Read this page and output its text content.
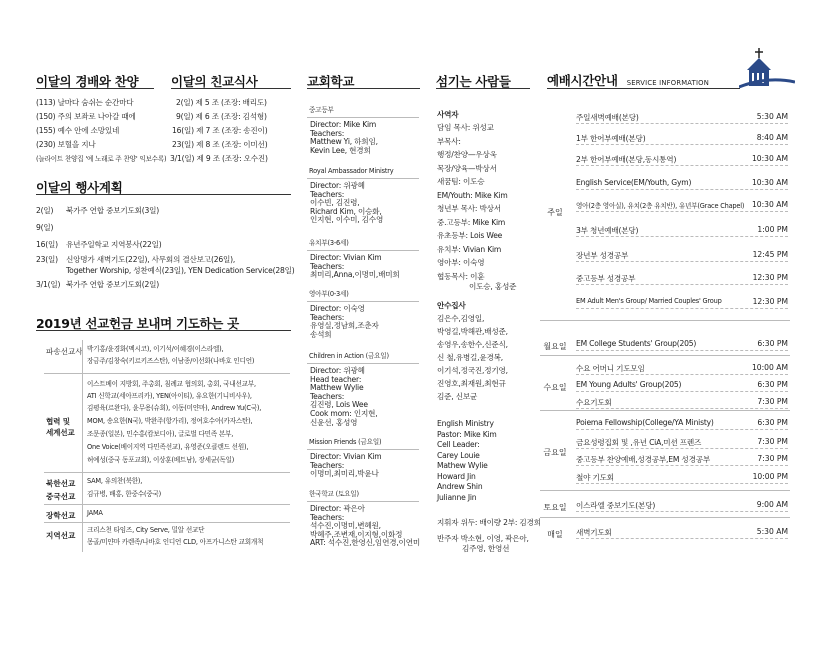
이달의 경배와 찬양
(113) 날마다 숨쉬는 순간마다
(150) 주의 보좌로 나아갈 때에
(155) 예수 안에 소망있네
(230) 보혈을 지나
(늘라이트 찬양집 '예 노래로 주 찬양' 익보수록)
이달의 친교식사
2(일) 제 5 조 (조장: 배리도)
9(일) 제 6 조 (조장: 김석형)
16(일) 제 7 조 (조장: 송진이)
23(일) 제 8 조 (조장: 이미선)
3/1(일) 제 9 조 (조장: 오수진)
이달의 행사계획
2(일) 북가주 연합 중보기도회(3일)
9(일)
16(일) 유년주일학교 지역봉사(22일)
23(일) 신앙명가 새벽기도(22일), 사무회의 결산보고(26일),
Together Worship, 성찬예식(23일), YEN Dedication Service(28일)
3/1(일) 북가주 연합 중보기도회(2일)
2019년 선교헌금 보내며 기도하는 곳
파송선교사 박기홍/윤경화(멕시코), 이기석/이혜경(이스라엘),
장금주/김창숙(키르키즈스탄), 이남종/이선화(나바호 인디언)
협력 및
세계선교
이스트베이 지방회, 주총회, 침례교 협의회, 총회, 국내선교부,
ATI 신학교(세아프리카), YEN(아이티), 유요한(기니비사우),
김평육(르완다), 윤무용(슈회), 이동(미얀마), Andrew Yu(C국),
MOM, 송요한(N국), 박완주(항가리), 정여호수아(카자스탄),
조문종(일본), 민수홍(캄보디아), 글로벌 다민족 본부,
One Voice(베이지역 다민족선교), 유영준(오클랜드 선원),
허예성(중국 동포교회), 이상훈(베트남), 장세균(독일)
북한선교 SAM, 유의찬(북한),
중국선교 김규병, 배홍, 한중수(중국)
장학선교 JAMA
지역선교
크리스천 타임즈, City Serve, 밀알 선교단
몽골/미얀마 카렌족/나바호 인디언 CLD, 아프가니스탄 교회개척
교회학교	섬기는 사람들
사역자
안수집사
지휘자 위두: 배이량 2부: 김경희
반주자 박소현, 이영, 곽은아,
김주영, 한영선
예배시간안내 SERVICE INFORMATION
중고등부
Director: Mike Kim
Teachers:
Matthew Yi, 하희임,
Kevin Lee, 현경희
Royal Ambassador Ministry
Director: 위광혜
Teachers:
이수빈, 김진령,
Richard Kim, 이승화,
인지현, 이수미, 김수영
유치부(3-6세)
Director: Vivian Kim
Teachers:
최미리,Anna,이명미,배미희
영아부(0-3세)
Director: 이숙영
Teachers:
유영실,정남희,조춘자
송석희
Children in Action (금요일)
Director: 위광혜
Head teacher:
Matthew Wylie
Teachers:
김진령, Lois Wee
Cook mom: 인지현,
신윤선, 홍성영
Mission Friends (금요일)
Director: Vivian Kim
Teachers:
이명미,최미리,박윤나
한국학교 (토요일)
Director: 곽은아
Teachers:
석수진,이명미,변혜원,
박혜주,조변재,이지형,이화정
ART: 석수진,한영신,임연경,이연미
담임 목사: 위성교
부목사:
행정/찬양—우상욱
목장/양육—박상서
새꿈팀: 이도승
EM/Youth: Mike Kim
청년부 목사: 박상서
중.고등부: Mike Kim
유초등부: Lois Wee
유치부: Vivian Kim
영아부: 이숙영
협동목사: 이훈
이도승, 홍성준
김은수,김영일,
박영길,박해관,배성준,
송영우,송한수,신준식,
신 철,유병길,윤경복,
이기석,정국진,정기영,
진영호,최재원,최현규
김준, 신보균
English Ministry
Pastor: Mike Kim
Cell Leader:
Carey Louie
Mathew Wylie
Howard Jin
Andrew Shin
Julianne Jin
주일
주일새벽예배(본당)	5:30 AM
1부 한어부예배(본당)	8:40 AM
2부 한어부예배(본당,동시통역)	10:30 AM
English Service(EM/Youth, Gym)	10:30 AM
영아(2층 영아실), 유치(2층 유치반), 유년부(Grace Chapel) 10:30 AM
3부 청년예배(본당)	1:00 PM
장년부 성경공부	12:45 PM
중고등부 성경공부	12:30 PM
EM Adult Men's Group/ Married Couples' Group	12:30 PM
월요일	EM College Students' Group(205)	6:30 PM
수요일
수요 어머니 기도모임	10:00 AM
EM Young Adults' Group(205)	6:30 PM
수요기도회	7:30 PM
금요일
Poiema Fellowship(College/YA Ministy)	6:30 PM
금요성령집회 및 ,유년 CiA,미션 프렌즈	7:30 PM
중고등부 찬양예배,성경공부,EM 성경공부	7:30 PM
철야 기도회	10:00 PM
토요일	이스라엘 중보기도(본당)	9:00 AM
매일	새벽기도회	5:30 AM
